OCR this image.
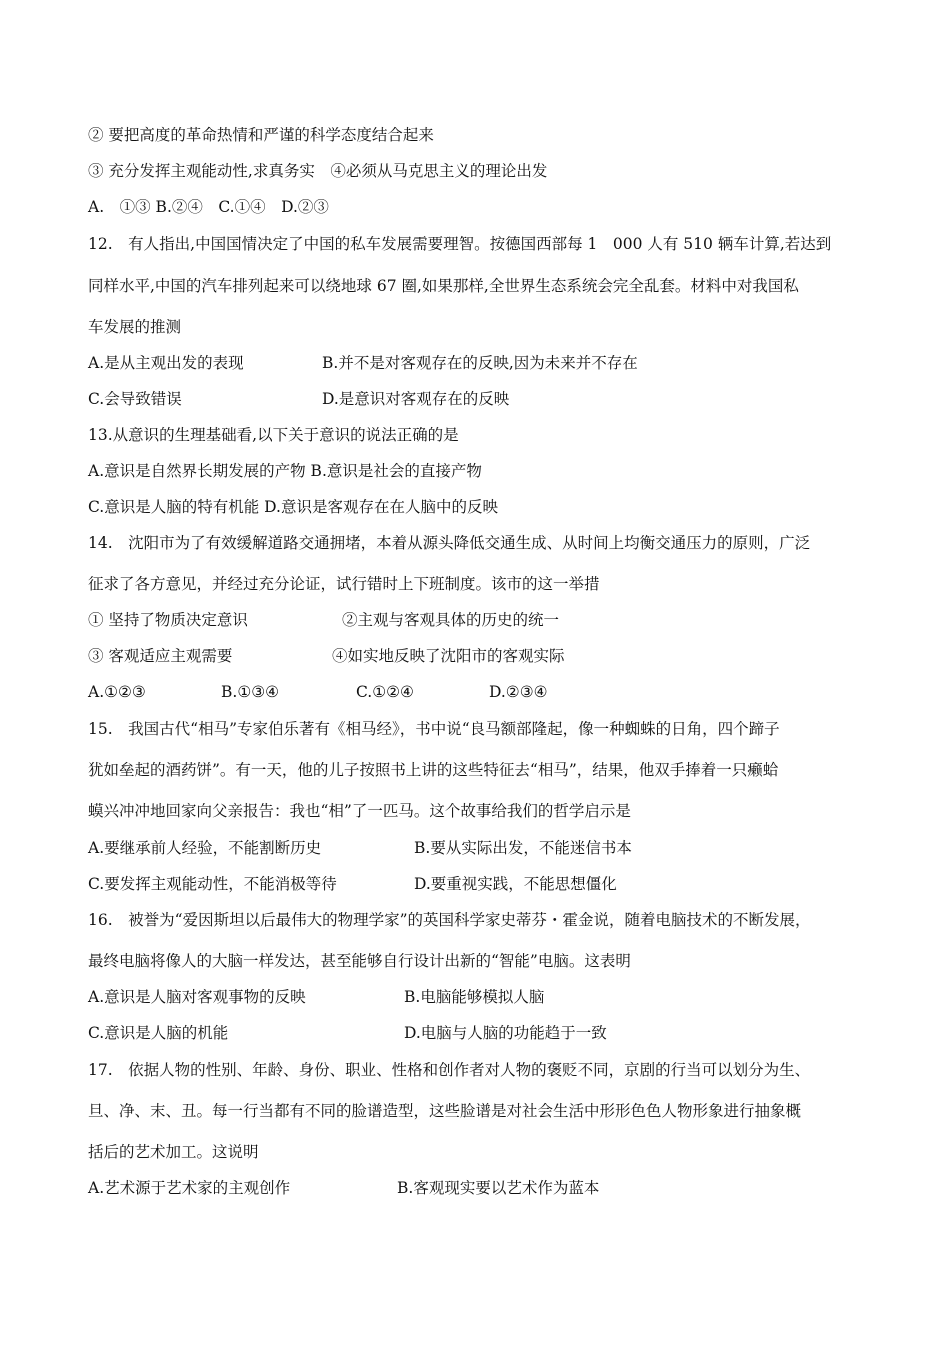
② 要把高度的革命热情和严谨的科学态度结合起来
③ 充分发挥主观能动性,求真务实　④必须从马克思主义的理论出发
A.　①③ B.②④　C.①④　D.②③
12.　有人指出,中国国情决定了中国的私车发展需要理智。按德国西部每 1　000 人有 510 辆车计算,若达到
同样水平,中国的汽车排列起来可以绕地球 67 圈,如果那样,全世界生态系统会完全乱套。材料中对我国私
车发展的推测
A.是从主观出发的表现	B.并不是对客观存在的反映,因为未来并不存在
C.会导致错误	D.是意识对客观存在的反映
13.从意识的生理基础看,以下关于意识的说法正确的是
A.意识是自然界长期发展的产物 B.意识是社会的直接产物
C.意识是人脑的特有机能 D.意识是客观存在在人脑中的反映
14.　沈阳市为了有效缓解道路交通拥堵，本着从源头降低交通生成、从时间上均衡交通压力的原则，广泛
征求了各方意见，并经过充分论证，试行错时上下班制度。该市的这一举措
① 坚持了物质决定意识	②主观与客观具体的历史的统一
③ 客观适应主观需要	④如实地反映了沈阳市的客观实际
A.①②③	B.①③④	C.①②④	D.②③④
15.　我国古代“相马”专家伯乐著有《相马经》，书中说“良马额部隆起，像一种蜘蛛的日角，四个蹄子
犹如垒起的酒药饼”。有一天，他的儿子按照书上讲的这些特征去“相马”，结果，他双手捧着一只癞蛤
蟆兴冲冲地回家向父亲报告：我也“相”了一匹马。这个故事给我们的哲学启示是
A.要继承前人经验，不能割断历史	B.要从实际出发，不能迷信书本
C.要发挥主观能动性，不能消极等待	D.要重视实践，不能思想僵化
16.　被誉为“爱因斯坦以后最伟大的物理学家”的英国科学家史蒂芬・霍金说，随着电脑技术的不断发展，
最终电脑将像人的大脑一样发达，甚至能够自行设计出新的“智能”电脑。这表明
A.意识是人脑对客观事物的反映	B.电脑能够模拟人脑
C.意识是人脑的机能	D.电脑与人脑的功能趋于一致
17.　依据人物的性别、年龄、身份、职业、性格和创作者对人物的褒贬不同，京剧的行当可以划分为生、
旦、净、末、丑。每一行当都有不同的脸谱造型，这些脸谱是对社会生活中形形色色人物形象进行抽象概
括后的艺术加工。这说明
A.艺术源于艺术家的主观创作	B.客观现实要以艺术作为蓝本
